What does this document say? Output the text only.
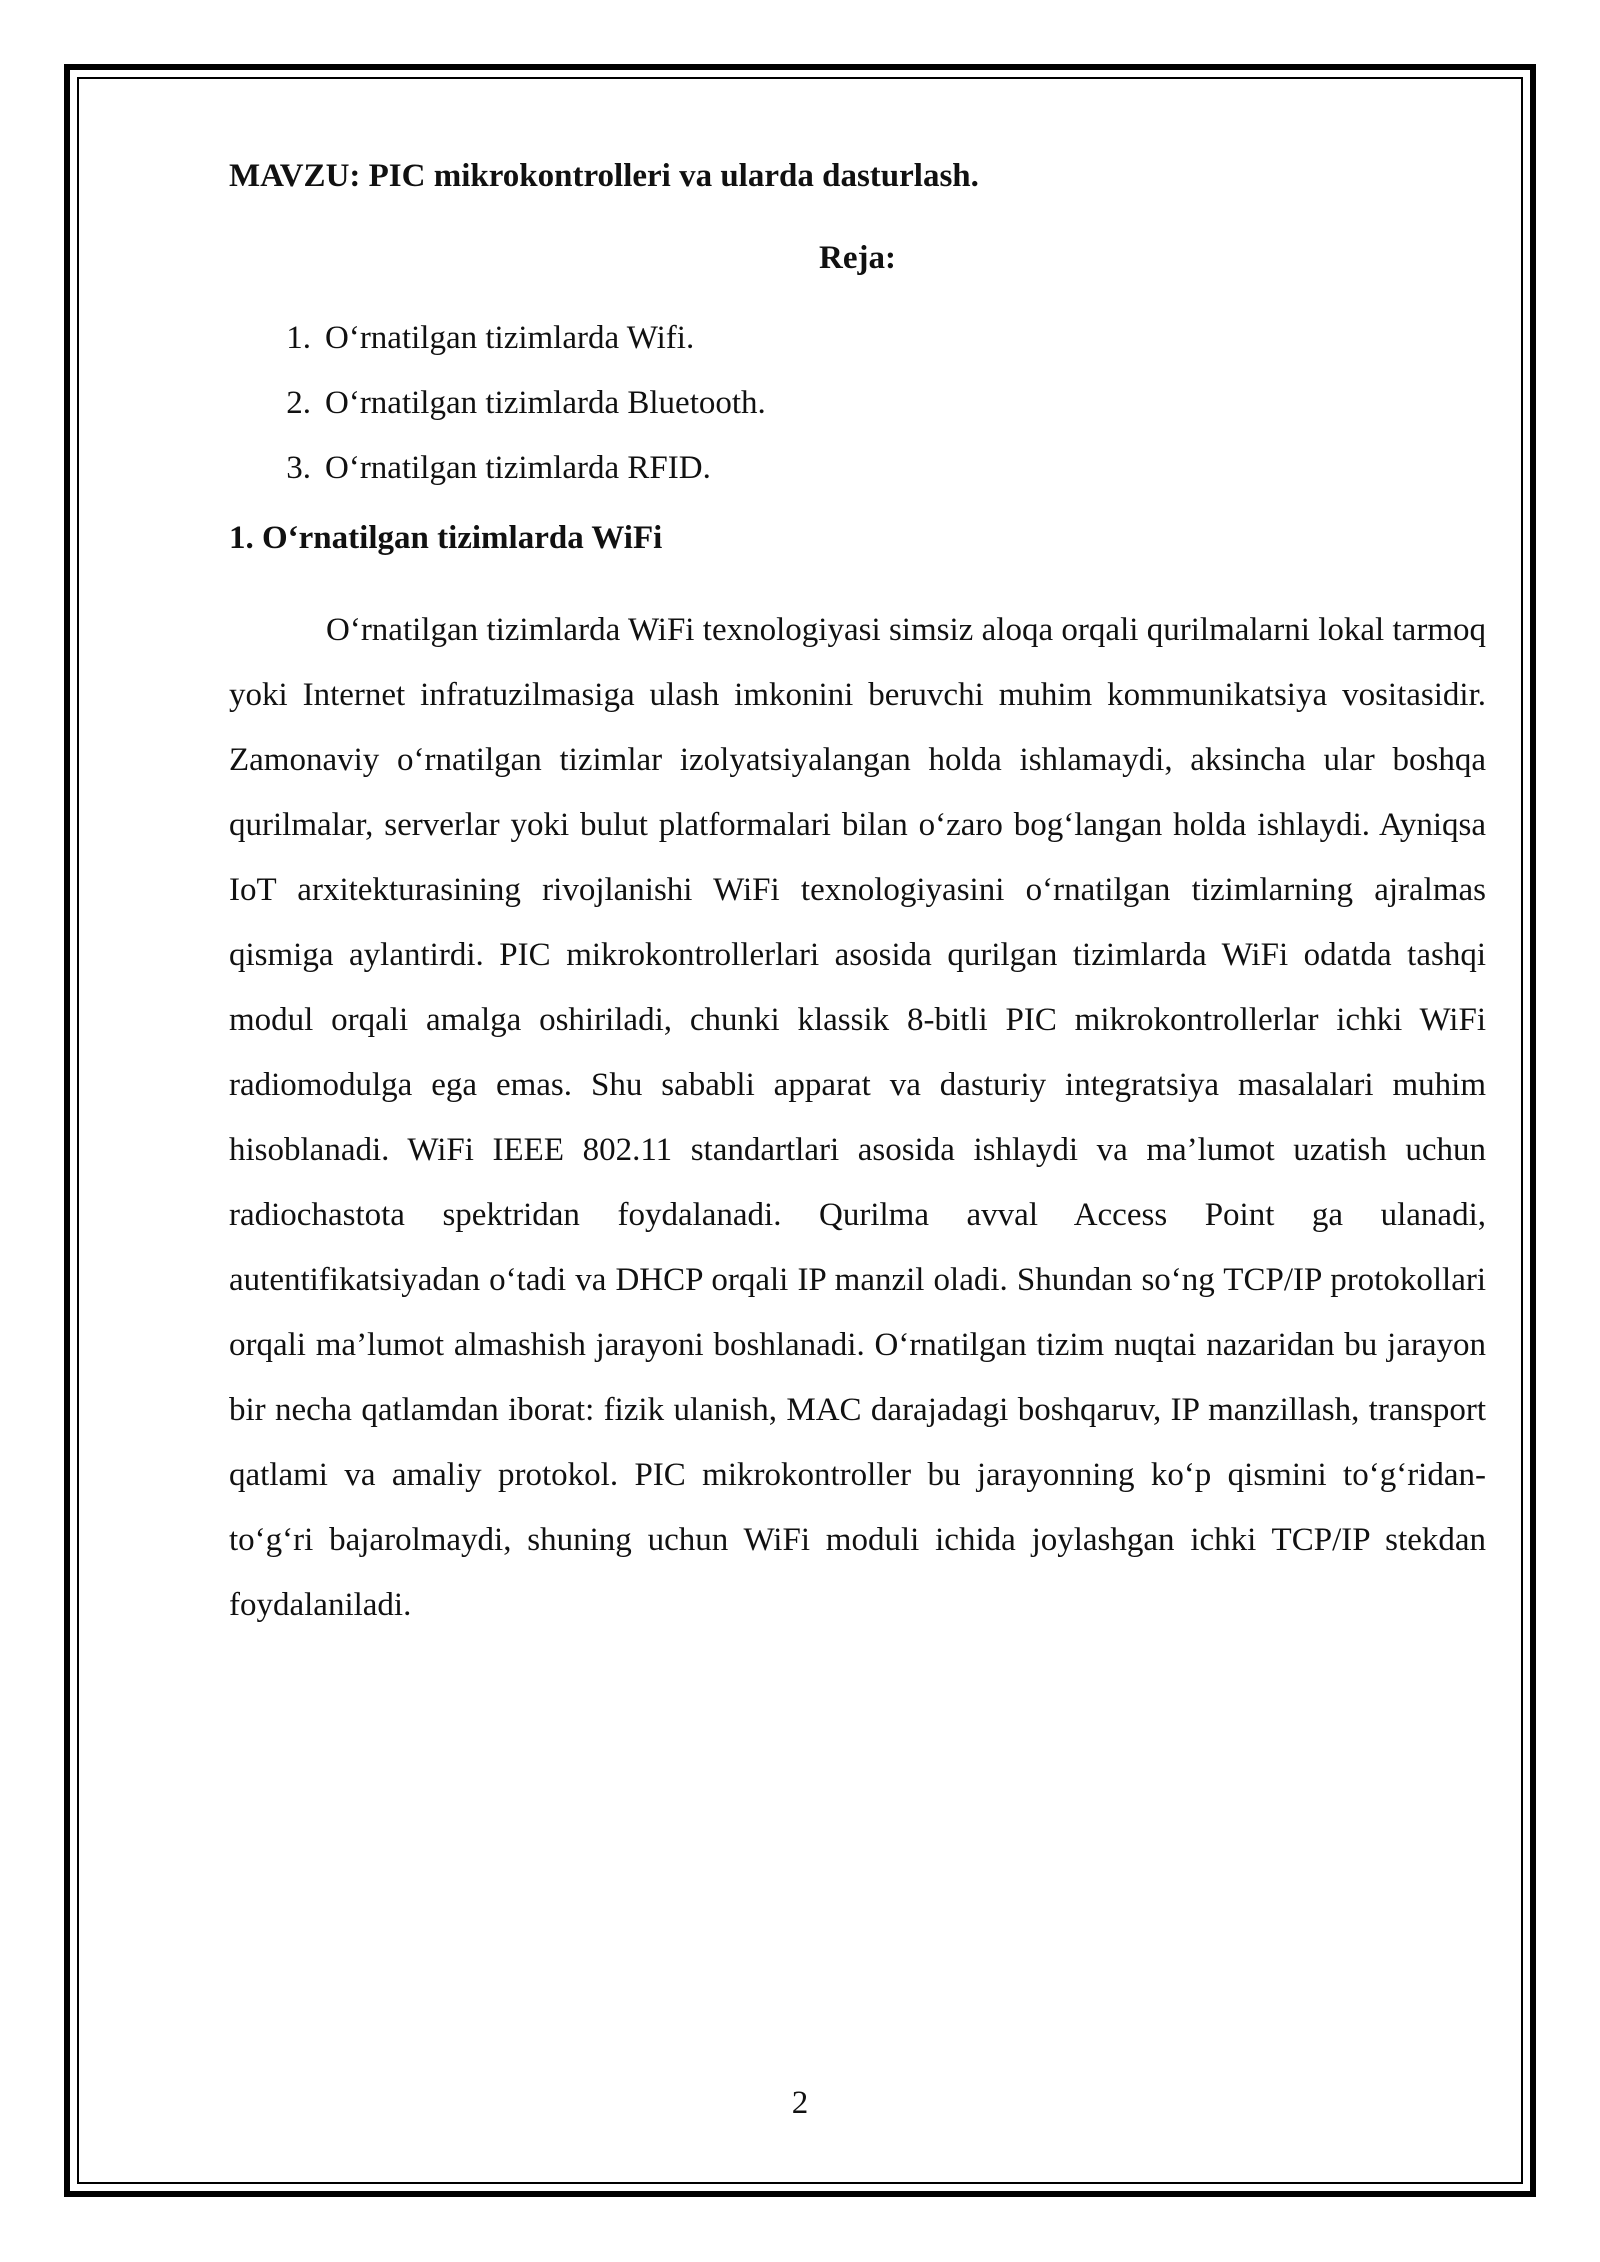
MAVZU: PIC mikrokontrolleri va ularda dasturlash.

Reja:

1. O‘rnatilgan tizimlarda Wifi.
2. O‘rnatilgan tizimlarda Bluetooth.
3. O‘rnatilgan tizimlarda RFID.

1. O‘rnatilgan tizimlarda WiFi

O‘rnatilgan tizimlarda WiFi texnologiyasi simsiz aloqa orqali qurilmalarni lokal tarmoq yoki Internet infratuzilmasiga ulash imkonini beruvchi muhim kommunikatsiya vositasidir. Zamonaviy o‘rnatilgan tizimlar izolyatsiyalangan holda ishlamaydi, aksincha ular boshqa qurilmalar, serverlar yoki bulut platformalari bilan o‘zaro bog‘langan holda ishlaydi. Ayniqsa IoT arxitekturasining rivojlanishi WiFi texnologiyasini o‘rnatilgan tizimlarning ajralmas qismiga aylantirdi. PIC mikrokontrollerlari asosida qurilgan tizimlarda WiFi odatda tashqi modul orqali amalga oshiriladi, chunki klassik 8-bitli PIC mikrokontrollerlar ichki WiFi radiomodulga ega emas. Shu sababli apparat va dasturiy integratsiya masalalari muhim hisoblanadi. WiFi IEEE 802.11 standartlari asosida ishlaydi va ma’lumot uzatish uchun radiochastota spektridan foydalanadi. Qurilma avval Access Point ga ulanadi, autentifikatsiyadan o‘tadi va DHCP orqali IP manzil oladi. Shundan so‘ng TCP/IP protokollari orqali ma’lumot almashish jarayoni boshlanadi. O‘rnatilgan tizim nuqtai nazaridan bu jarayon bir necha qatlamdan iborat: fizik ulanish, MAC darajadagi boshqaruv, IP manzillash, transport qatlami va amaliy protokol. PIC mikrokontroller bu jarayonning ko‘p qismini to‘g‘ridan-to‘g‘ri bajarolmaydi, shuning uchun WiFi moduli ichida joylashgan ichki TCP/IP stekdan foydalaniladi.

2
